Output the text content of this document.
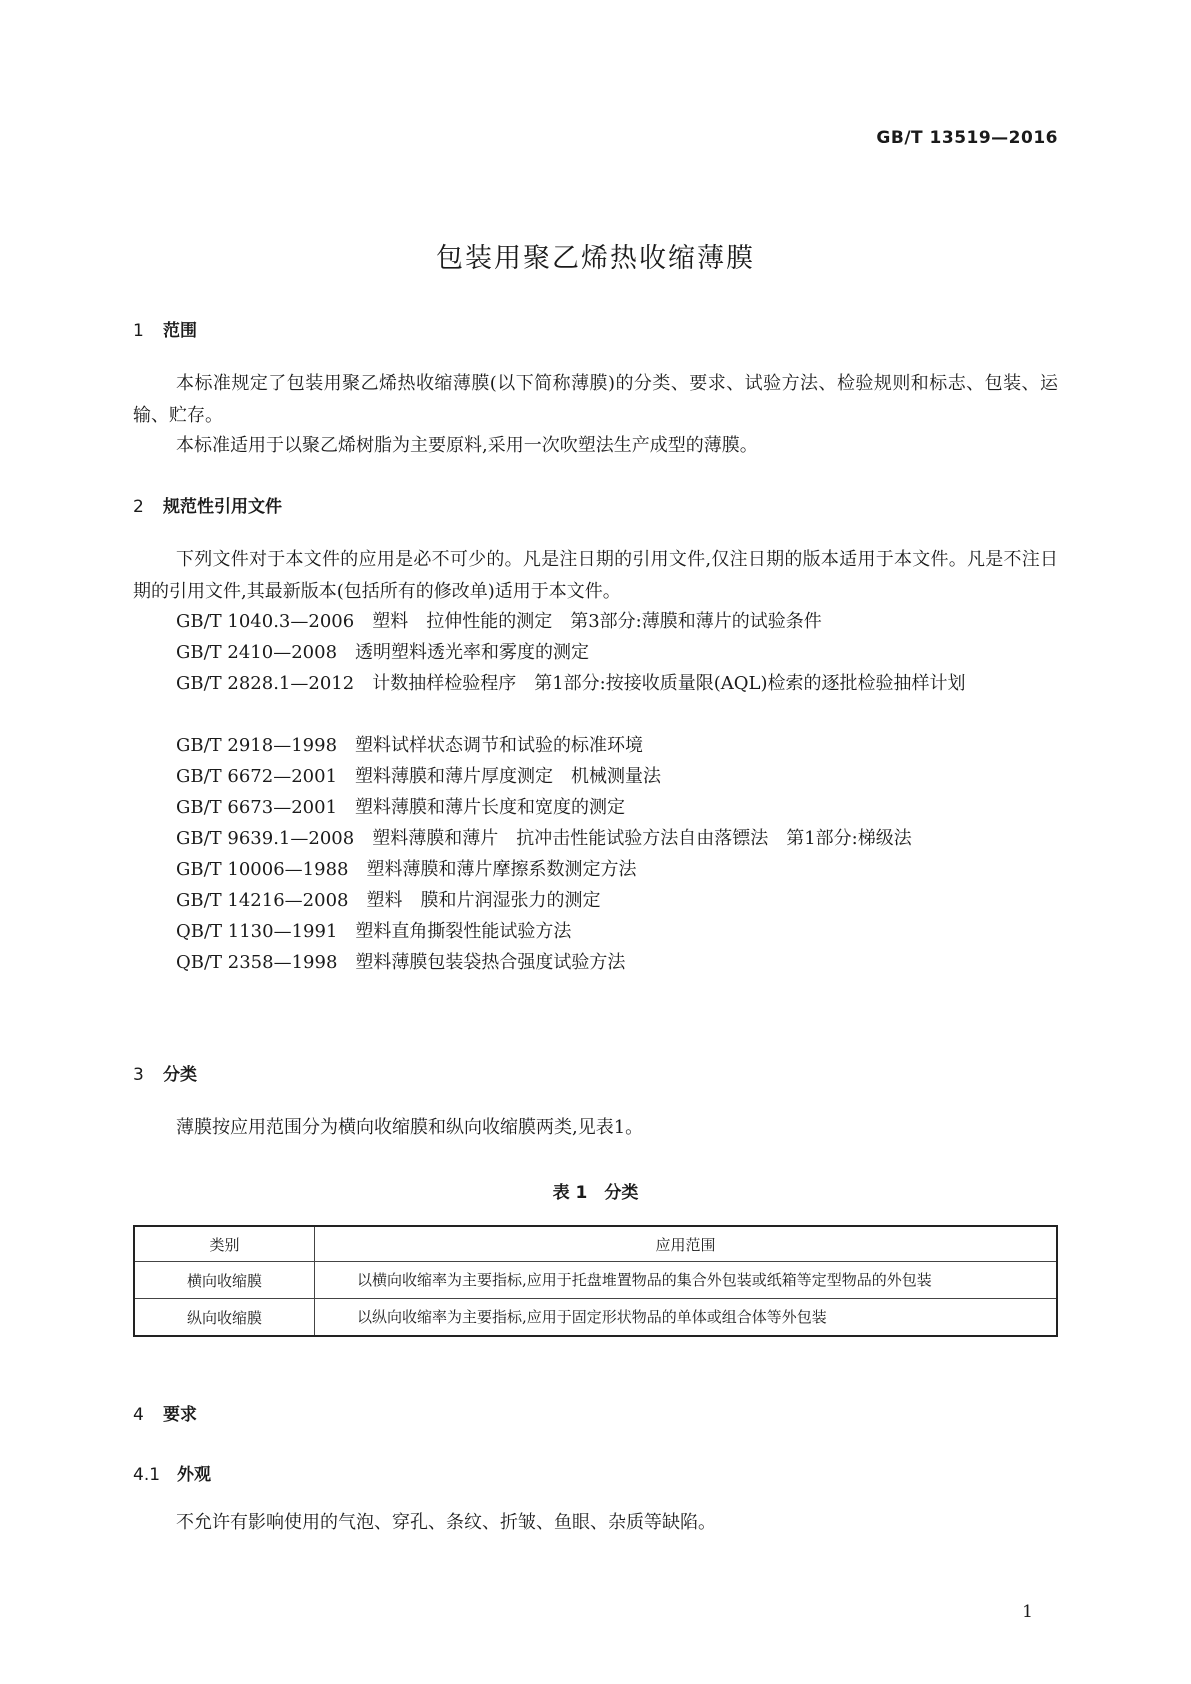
GB/T 13519—2016
包装用聚乙烯热收缩薄膜
1 范围
本标准规定了包装用聚乙烯热收缩薄膜(以下简称薄膜)的分类、要求、试验方法、检验规则和标志、包装、运输、贮存。
本标准适用于以聚乙烯树脂为主要原料,采用一次吹塑法生产成型的薄膜。
2 规范性引用文件
下列文件对于本文件的应用是必不可少的。凡是注日期的引用文件,仅注日期的版本适用于本文件。凡是不注日期的引用文件,其最新版本(包括所有的修改单)适用于本文件。
GB/T 1040.3—2006 塑料 拉伸性能的测定 第3部分:薄膜和薄片的试验条件
GB/T 2410—2008 透明塑料透光率和雾度的测定
GB/T 2828.1—2012 计数抽样检验程序 第1部分:按接收质量限(AQL)检索的逐批检验抽样计划
GB/T 2918—1998 塑料试样状态调节和试验的标准环境
GB/T 6672—2001 塑料薄膜和薄片厚度测定 机械测量法
GB/T 6673—2001 塑料薄膜和薄片长度和宽度的测定
GB/T 9639.1—2008 塑料薄膜和薄片 抗冲击性能试验方法自由落镖法 第1部分:梯级法
GB/T 10006—1988 塑料薄膜和薄片摩擦系数测定方法
GB/T 14216—2008 塑料 膜和片润湿张力的测定
QB/T 1130—1991 塑料直角撕裂性能试验方法
QB/T 2358—1998 塑料薄膜包装袋热合强度试验方法
3 分类
薄膜按应用范围分为横向收缩膜和纵向收缩膜两类,见表1。
表 1　分类
类别	应用范围
横向收缩膜	以横向收缩率为主要指标,应用于托盘堆置物品的集合外包装或纸箱等定型物品的外包装
纵向收缩膜	以纵向收缩率为主要指标,应用于固定形状物品的单体或组合体等外包装
4 要求
4.1 外观
不允许有影响使用的气泡、穿孔、条纹、折皱、鱼眼、杂质等缺陷。
1
